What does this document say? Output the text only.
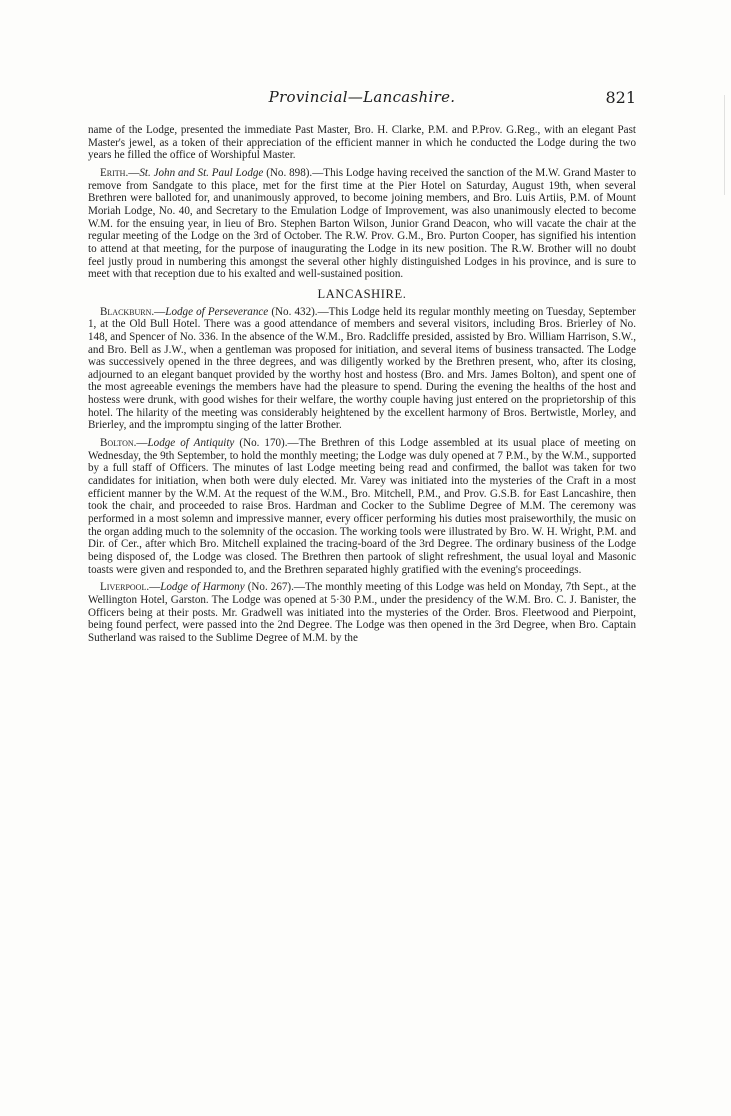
Provincial—Lancashire.	821

name of the Lodge, presented the immediate Past Master, Bro. H. Clarke, P.M. and P.Prov. G.Reg., with an elegant Past Master's jewel, as a token of their appreciation of the efficient manner in which he conducted the Lodge during the two years he filled the office of Worshipful Master.

Erith.—St. John and St. Paul Lodge (No. 898).—This Lodge having received the sanction of the M.W. Grand Master to remove from Sandgate to this place, met for the first time at the Pier Hotel on Saturday, August 19th, when several Brethren were balloted for, and unanimously approved, to become joining members, and Bro. Luis Artiis, P.M. of Mount Moriah Lodge, No. 40, and Secretary to the Emulation Lodge of Improvement, was also unanimously elected to become W.M. for the ensuing year, in lieu of Bro. Stephen Barton Wilson, Junior Grand Deacon, who will vacate the chair at the regular meeting of the Lodge on the 3rd of October. The R.W. Prov. G.M., Bro. Purton Cooper, has signified his intention to attend at that meeting, for the purpose of inaugurating the Lodge in its new position. The R.W. Brother will no doubt feel justly proud in numbering this amongst the several other highly distinguished Lodges in his province, and is sure to meet with that reception due to his exalted and well-sustained position.

LANCASHIRE.

Blackburn.—Lodge of Perseverance (No. 432).—This Lodge held its regular monthly meeting on Tuesday, September 1, at the Old Bull Hotel. There was a good attendance of members and several visitors, including Bros. Brierley of No. 148, and Spencer of No. 336. In the absence of the W.M., Bro. Radcliffe presided, assisted by Bro. William Harrison, S.W., and Bro. Bell as J.W., when a gentleman was proposed for initiation, and several items of business transacted. The Lodge was successively opened in the three degrees, and was diligently worked by the Brethren present, who, after its closing, adjourned to an elegant banquet provided by the worthy host and hostess (Bro. and Mrs. James Bolton), and spent one of the most agreeable evenings the members have had the pleasure to spend. During the evening the healths of the host and hostess were drunk, with good wishes for their welfare, the worthy couple having just entered on the proprietorship of this hotel. The hilarity of the meeting was considerably heightened by the excellent harmony of Bros. Bertwistle, Morley, and Brierley, and the impromptu singing of the latter Brother.

Bolton.—Lodge of Antiquity (No. 170).—The Brethren of this Lodge assembled at its usual place of meeting on Wednesday, the 9th September, to hold the monthly meeting; the Lodge was duly opened at 7 P.M., by the W.M., supported by a full staff of Officers. The minutes of last Lodge meeting being read and confirmed, the ballot was taken for two candidates for initiation, when both were duly elected. Mr. Varey was initiated into the mysteries of the Craft in a most efficient manner by the W.M. At the request of the W.M., Bro. Mitchell, P.M., and Prov. G.S.B. for East Lancashire, then took the chair, and proceeded to raise Bros. Hardman and Cocker to the Sublime Degree of M.M. The ceremony was performed in a most solemn and impressive manner, every officer performing his duties most praiseworthily, the music on the organ adding much to the solemnity of the occasion. The working tools were illustrated by Bro. W. H. Wright, P.M. and Dir. of Cer., after which Bro. Mitchell explained the tracing-board of the 3rd Degree. The ordinary business of the Lodge being disposed of, the Lodge was closed. The Brethren then partook of slight refreshment, the usual loyal and Masonic toasts were given and responded to, and the Brethren separated highly gratified with the evening's proceedings.

Liverpool.—Lodge of Harmony (No. 267).—The monthly meeting of this Lodge was held on Monday, 7th Sept., at the Wellington Hotel, Garston. The Lodge was opened at 5·30 P.M., under the presidency of the W.M. Bro. C. J. Banister, the Officers being at their posts. Mr. Gradwell was initiated into the mysteries of the Order. Bros. Fleetwood and Pierpoint, being found perfect, were passed into the 2nd Degree. The Lodge was then opened in the 3rd Degree, when Bro. Captain Sutherland was raised to the Sublime Degree of M.M. by the
